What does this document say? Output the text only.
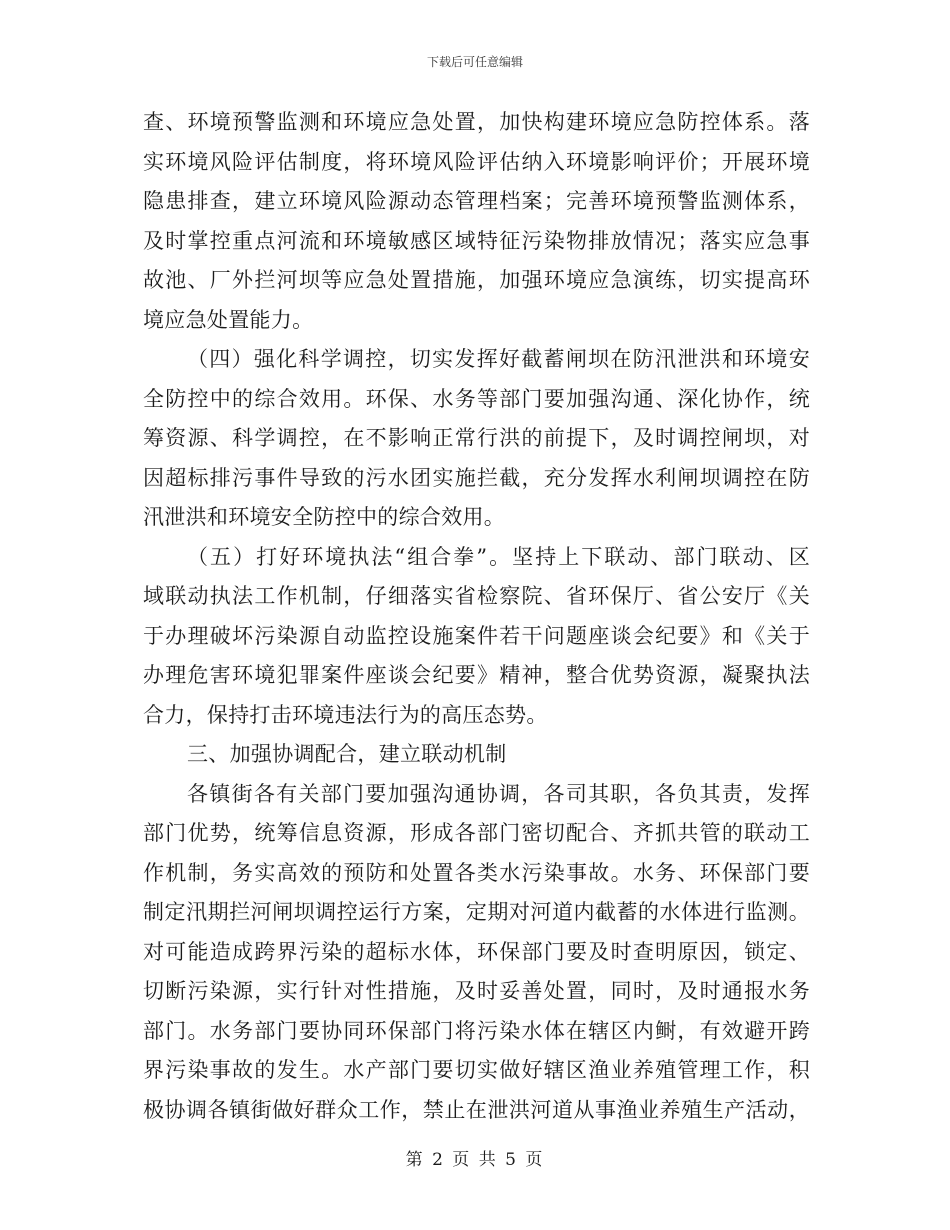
下载后可任意编辑
查、环境预警监测和环境应急处置，加快构建环境应急防控体系。落
实环境风险评估制度，将环境风险评估纳入环境影响评价；开展环境
隐患排查，建立环境风险源动态管理档案；完善环境预警监测体系，
及时掌控重点河流和环境敏感区域特征污染物排放情况；落实应急事
故池、厂外拦河坝等应急处置措施，加强环境应急演练，切实提高环
境应急处置能力。
（四）强化科学调控，切实发挥好截蓄闸坝在防汛泄洪和环境安
全防控中的综合效用。环保、水务等部门要加强沟通、深化协作，统
筹资源、科学调控，在不影响正常行洪的前提下，及时调控闸坝，对
因超标排污事件导致的污水团实施拦截，充分发挥水利闸坝调控在防
汛泄洪和环境安全防控中的综合效用。
（五）打好环境执法“组合拳”。坚持上下联动、部门联动、区
域联动执法工作机制，仔细落实省检察院、省环保厅、省公安厅《关
于办理破坏污染源自动监控设施案件若干问题座谈会纪要》和《关于
办理危害环境犯罪案件座谈会纪要》精神，整合优势资源，凝聚执法
合力，保持打击环境违法行为的高压态势。
三、加强协调配合，建立联动机制
各镇街各有关部门要加强沟通协调，各司其职，各负其责，发挥
部门优势，统筹信息资源，形成各部门密切配合、齐抓共管的联动工
作机制，务实高效的预防和处置各类水污染事故。水务、环保部门要
制定汛期拦河闸坝调控运行方案，定期对河道内截蓄的水体进行监测。
对可能造成跨界污染的超标水体，环保部门要及时查明原因，锁定、
切断污染源，实行针对性措施，及时妥善处置，同时，及时通报水务
部门。水务部门要协同环保部门将污染水体在辖区内鲥，有效避开跨
界污染事故的发生。水产部门要切实做好辖区渔业养殖管理工作，积
极协调各镇街做好群众工作，禁止在泄洪河道从事渔业养殖生产活动，
第 2 页 共 5 页
